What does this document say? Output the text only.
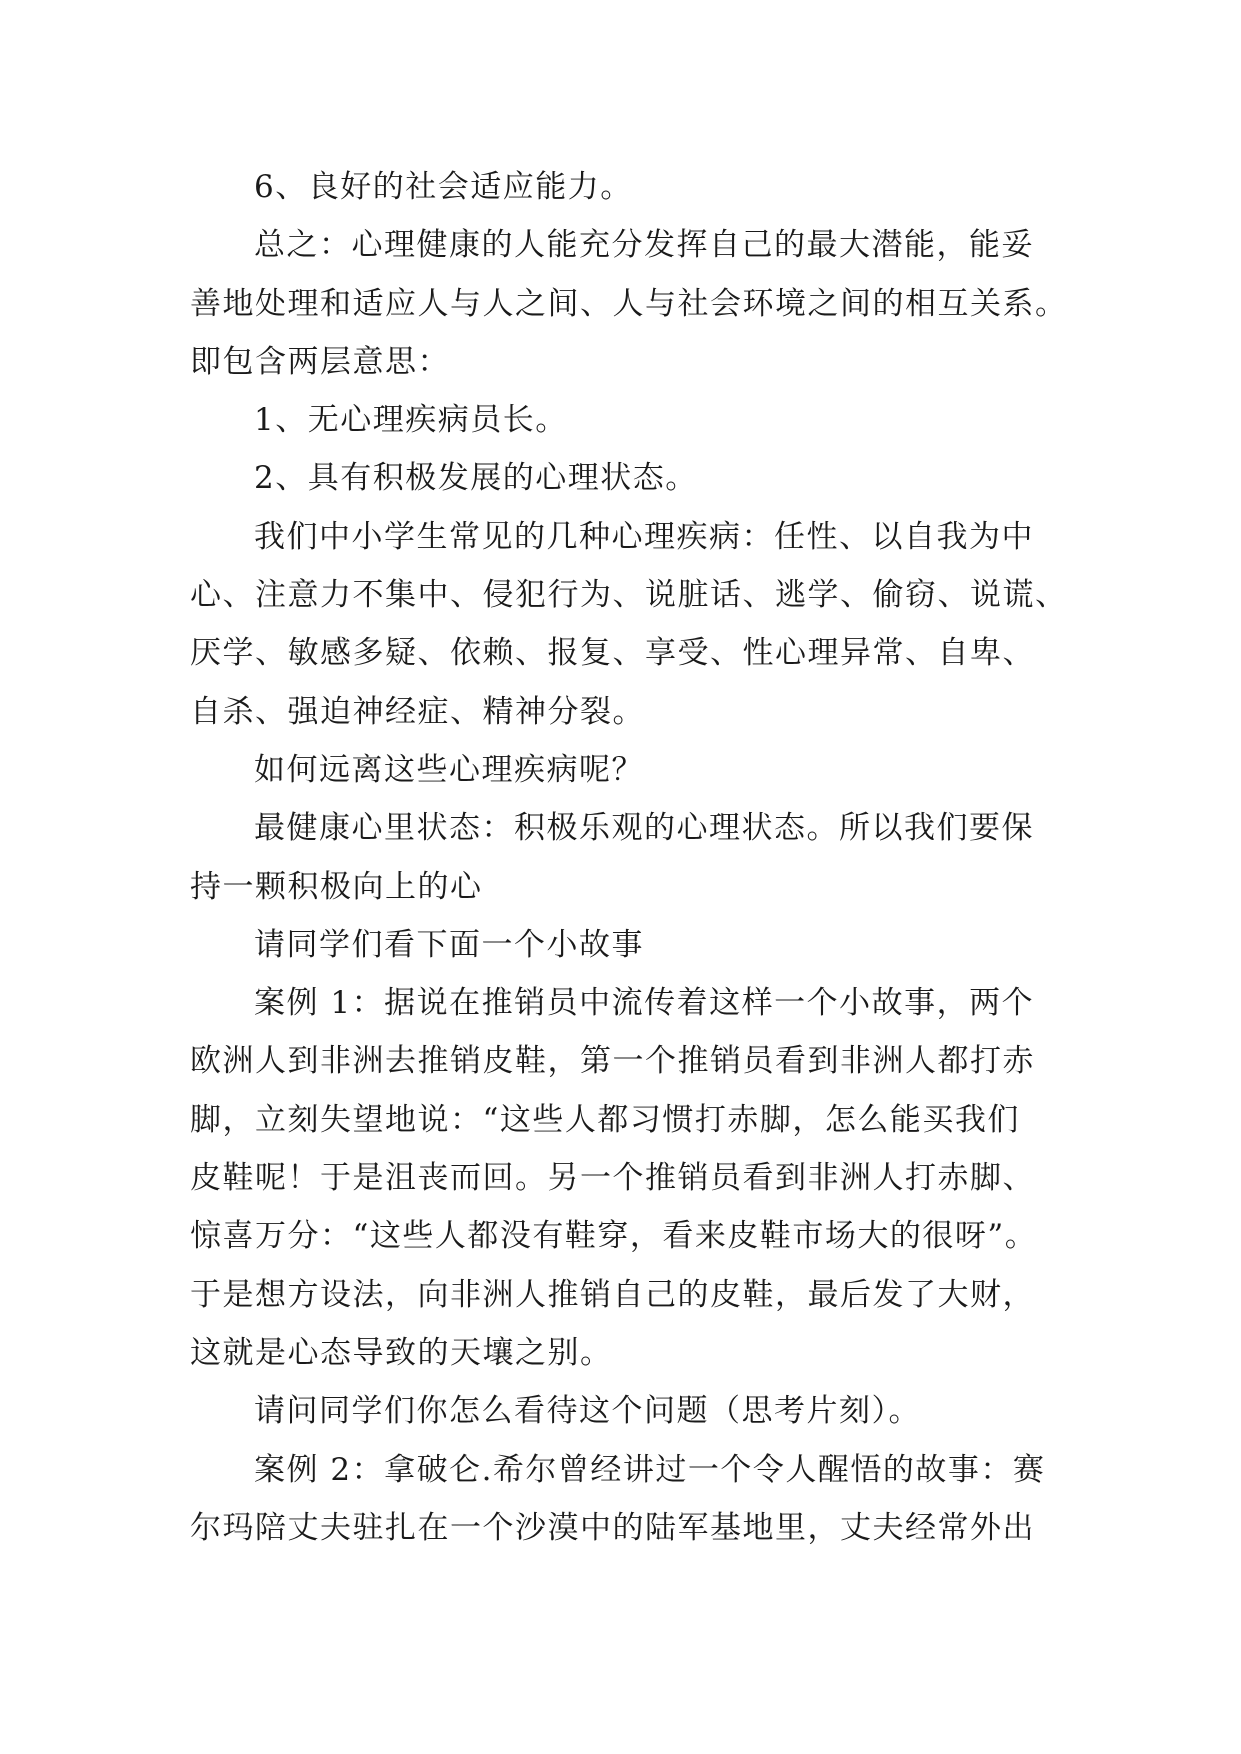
6、良好的社会适应能力。
总之：心理健康的人能充分发挥自己的最大潜能，能妥
善地处理和适应人与人之间、人与社会环境之间的相互关系。
即包含两层意思：
1、无心理疾病员长。
2、具有积极发展的心理状态。
我们中小学生常见的几种心理疾病：任性、以自我为中
心、注意力不集中、侵犯行为、说脏话、逃学、偷窃、说谎、
厌学、敏感多疑、依赖、报复、享受、性心理异常、自卑、
自杀、强迫神经症、精神分裂。
如何远离这些心理疾病呢？
最健康心里状态：积极乐观的心理状态。所以我们要保
持一颗积极向上的心
请同学们看下面一个小故事
案例 1：据说在推销员中流传着这样一个小故事，两个
欧洲人到非洲去推销皮鞋，第一个推销员看到非洲人都打赤
脚，立刻失望地说：“这些人都习惯打赤脚，怎么能买我们
皮鞋呢！于是沮丧而回。另一个推销员看到非洲人打赤脚、
惊喜万分：“这些人都没有鞋穿，看来皮鞋市场大的很呀”。
于是想方设法，向非洲人推销自己的皮鞋，最后发了大财，
这就是心态导致的天壤之别。
请问同学们你怎么看待这个问题（思考片刻）。
案例 2：拿破仑.希尔曾经讲过一个令人醒悟的故事：赛
尔玛陪丈夫驻扎在一个沙漠中的陆军基地里，丈夫经常外出
